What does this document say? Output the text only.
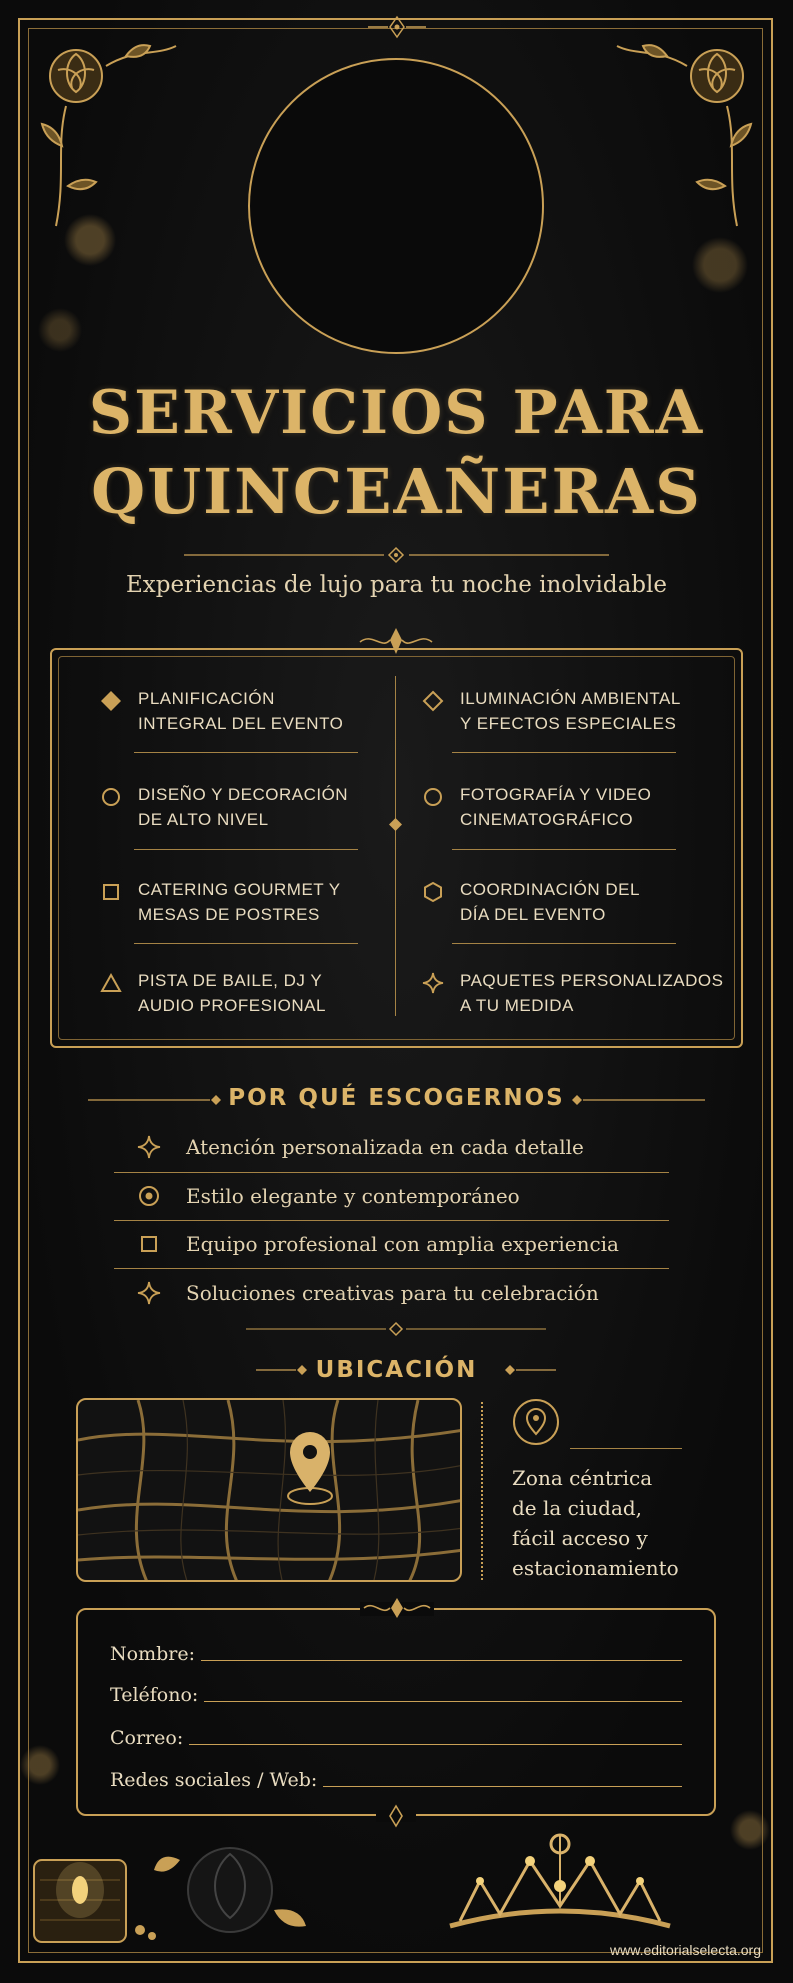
SERVICIOS PARA
QUINCEAÑERAS
Experiencias de lujo para tu noche inolvidable
PLANIFICACIÓN
INTEGRAL DEL EVENTO
ILUMINACIÓN AMBIENTAL
Y EFECTOS ESPECIALES
DISEÑO Y DECORACIÓN
DE ALTO NIVEL
FOTOGRAFÍA Y VIDEO
CINEMATOGRÁFICO
CATERING GOURMET Y
MESAS DE POSTRES
COORDINACIÓN DEL
DÍA DEL EVENTO
PISTA DE BAILE, DJ Y
AUDIO PROFESIONAL
PAQUETES PERSONALIZADOS
A TU MEDIDA
POR QUÉ ESCOGERNOS
Atención personalizada en cada detalle
Estilo elegante y contemporáneo
Equipo profesional con amplia experiencia
Soluciones creativas para tu celebración
UBICACIÓN
Zona céntrica
de la ciudad,
fácil acceso y
estacionamiento
Nombre:
Teléfono:
Correo:
Redes sociales / Web:
www.editorialselecta.org
